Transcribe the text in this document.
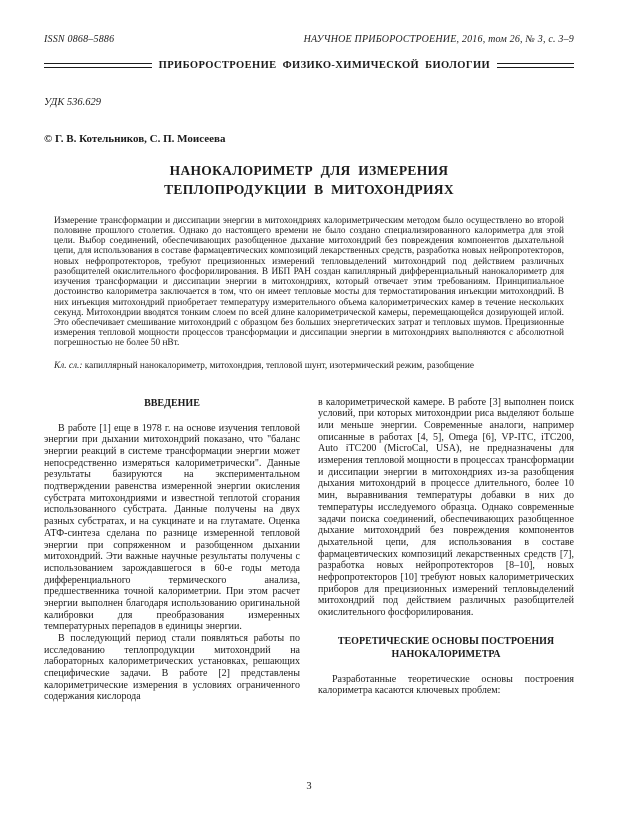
ISSN 0868–5886	НАУЧНОЕ ПРИБОРОСТРОЕНИЕ, 2016, том 26, № 3, с. 3–9
ПРИБОРОСТРОЕНИЕ ФИЗИКО-ХИМИЧЕСКОЙ БИОЛОГИИ
УДК 536.629
© Г. В. Котельников, С. П. Моисеева
НАНОКАЛОРИМЕТР ДЛЯ ИЗМЕРЕНИЯ
ТЕПЛОПРОДУКЦИИ В МИТОХОНДРИЯХ
Измерение трансформации и диссипации энергии в митохондриях калориметрическим методом было осуществлено во второй половине прошлого столетия. Однако до настоящего времени не было создано специализированного калориметра для этой цели. Выбор соединений, обеспечивающих разобщенное дыхание митохондрий без повреждения компонентов дыхательной цепи, для использования в составе фармацевтических композиций лекарственных средств, разработка новых нейропротекторов, новых нефропротекторов, требуют прецизионных измерений тепловыделений митохондрий под действием различных разобщителей окислительного фосфорилирования. В ИБП РАН создан капиллярный дифференциальный нанокалориметр для изучения трансформации и диссипации энергии в митохондриях, который отвечает этим требованиям. Принципиальное достоинство калориметра заключается в том, что он имеет тепловые мосты для термостатирования инъекции митохондрий. В них инъекция митохондрий приобретает температуру измерительного объема калориметрических камер в течение нескольких секунд. Митохондрии вводятся тонким слоем по всей длине калориметрической камеры, перемещающейся дозирующей иглой. Это обеспечивает смешивание митохондрий с образцом без больших энергетических затрат и тепловых шумов. Прецизионные измерения тепловой мощности процессов трансформации и диссипации энергии в митохондриях выполняются с абсолютной погрешностью не более 50 нВт.
Кл. сл.: капиллярный нанокалориметр, митохондрия, тепловой шунт, изотермический режим, разобщение
ВВЕДЕНИЕ

В работе [1] еще в 1978 г. на основе изучения тепловой энергии при дыхании митохондрий показано, что "баланс энергии реакций в системе трансформации энергии может непосредственно измеряться калориметрически". Данные результаты базируются на экспериментальном подтверждении равенства измеренной энергии окисления субстрата митохондриями и известной теплотой сгорания использованного субстрата. Данные получены на двух разных субстратах, и на сукцинате и на глутамате. Оценка АТФ-синтеза сделана по разнице измеренной тепловой энергии при сопряженном и разобщенном дыхании митохондрий. Эти важные научные результаты получены с использованием зарождавшегося в 60-е годы метода дифференциального термического анализа, предшественника точной калориметрии. При этом расчет энергии выполнен благодаря использованию оригинальной калибровки для преобразования измеренных температурных перепадов в единицы энергии.

В последующий период стали появляться работы по исследованию теплопродукции митохондрий на лабораторных калориметрических установках, решающих специфические задачи. В работе [2] представлены калориметрические измерения в условиях ограниченного содержания кислорода

в калориметрической камере. В работе [3] выполнен поиск условий, при которых митохондрии риса выделяют больше или меньше энергии. Современные аналоги, например описанные в работах [4, 5], Omega [6], VP-ITC, iTC200, Auto iTC200 (MicroCal, USA), не предназначены для измерения тепловой мощности в процессах трансформации и диссипации энергии в митохондриях из-за разобщения дыхания митохондрий в процессе длительного, более 10 мин, выравнивания температуры добавки в них до температуры исследуемого образца. Однако современные задачи поиска соединений, обеспечивающих разобщенное дыхание митохондрий без повреждения компонентов дыхательной цепи, для использования в составе фармацевтических композиций лекарственных средств [7], разработка новых нейропротекторов [8–10], новых нефропротекторов [10] требуют новых калориметрических приборов для прецизионных измерений тепловыделений митохондрий под действием различных разобщителей окислительного фосфорилирования.

ТЕОРЕТИЧЕСКИЕ ОСНОВЫ ПОСТРОЕНИЯ НАНОКАЛОРИМЕТРА

Разработанные теоретические основы построения калориметра касаются ключевых проблем:

3
